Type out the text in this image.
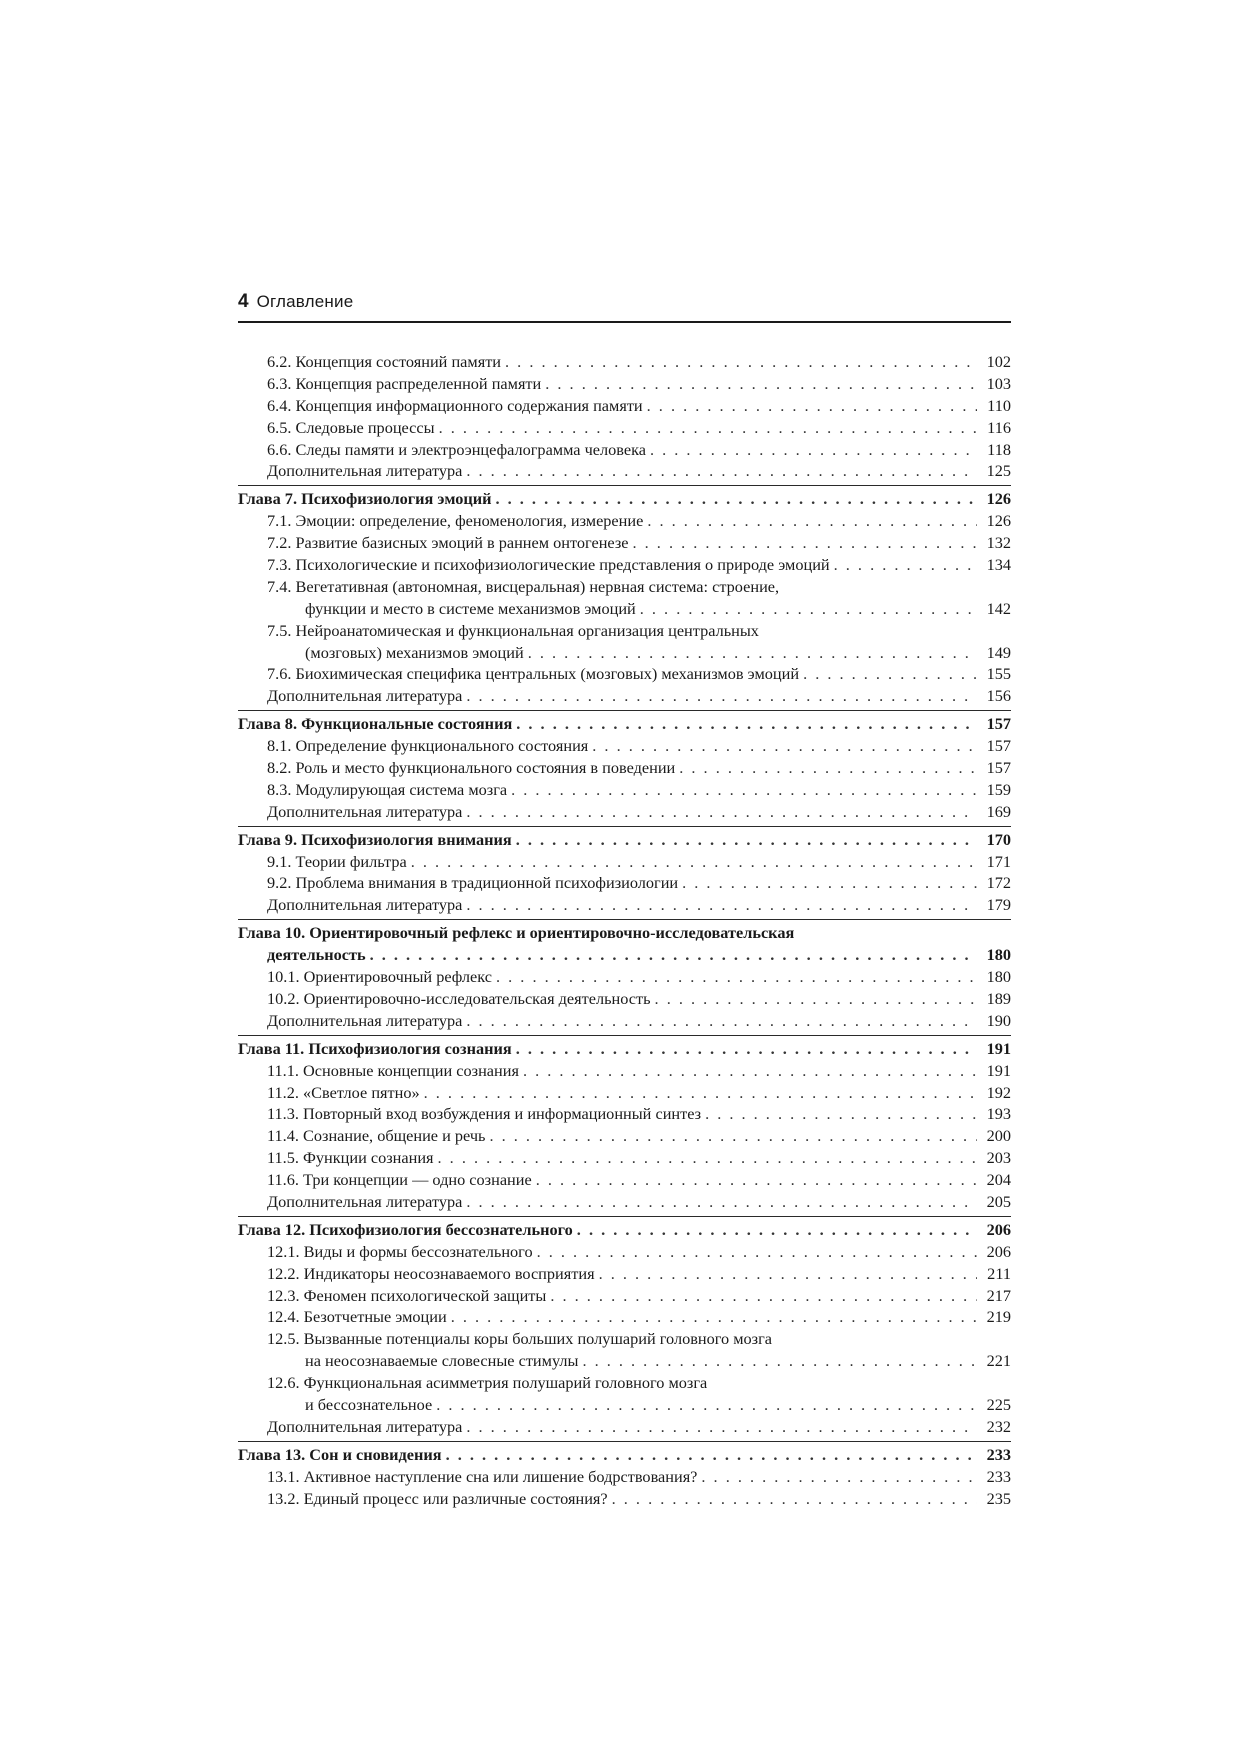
4 Оглавление
6.2. Концепция состояний памяти . . .	102
6.3. Концепция распределенной памяти . . .	103
6.4. Концепция информационного содержания памяти . . .	110
6.5. Следовые процессы . . .	116
6.6. Следы памяти и электроэнцефалограмма человека . . .	118
Дополнительная литература . . .	125
Глава 7. Психофизиология эмоций . . .	126
7.1. Эмоции: определение, феноменология, измерение . . .	126
7.2. Развитие базисных эмоций в раннем онтогенезе . . .	132
7.3. Психологические и психофизиологические представления о природе эмоций . . .	134
7.4. Вегетативная (автономная, висцеральная) нервная система: строение,
функции и место в системе механизмов эмоций . . .	142
7.5. Нейроанатомическая и функциональная организация центральных
(мозговых) механизмов эмоций . . .	149
7.6. Биохимическая специфика центральных (мозговых) механизмов эмоций . . .	155
Дополнительная литература . . .	156
Глава 8. Функциональные состояния . . .	157
8.1. Определение функционального состояния . . .	157
8.2. Роль и место функционального состояния в поведении . . .	157
8.3. Модулирующая система мозга . . .	159
Дополнительная литература . . .	169
Глава 9. Психофизиология внимания . . .	170
9.1. Теории фильтра . . .	171
9.2. Проблема внимания в традиционной психофизиологии . . .	172
Дополнительная литература . . .	179
Глава 10. Ориентировочный рефлекс и ориентировочно-исследовательская
деятельность . . .	180
10.1. Ориентировочный рефлекс . . .	180
10.2. Ориентировочно-исследовательская деятельность . . .	189
Дополнительная литература . . .	190
Глава 11. Психофизиология сознания . . .	191
11.1. Основные концепции сознания . . .	191
11.2. «Светлое пятно» . . .	192
11.3. Повторный вход возбуждения и информационный синтез . . .	193
11.4. Сознание, общение и речь . . .	200
11.5. Функции сознания . . .	203
11.6. Три концепции — одно сознание . . .	204
Дополнительная литература . . .	205
Глава 12. Психофизиология бессознательного . . .	206
12.1. Виды и формы бессознательного . . .	206
12.2. Индикаторы неосознаваемого восприятия . . .	211
12.3. Феномен психологической защиты . . .	217
12.4. Безотчетные эмоции . . .	219
12.5. Вызванные потенциалы коры больших полушарий головного мозга
на неосознаваемые словесные стимулы . . .	221
12.6. Функциональная асимметрия полушарий головного мозга
и бессознательное . . .	225
Дополнительная литература . . .	232
Глава 13. Сон и сновидения . . .	233
13.1. Активное наступление сна или лишение бодрствования? . . .	233
13.2. Единый процесс или различные состояния? . . .	235
